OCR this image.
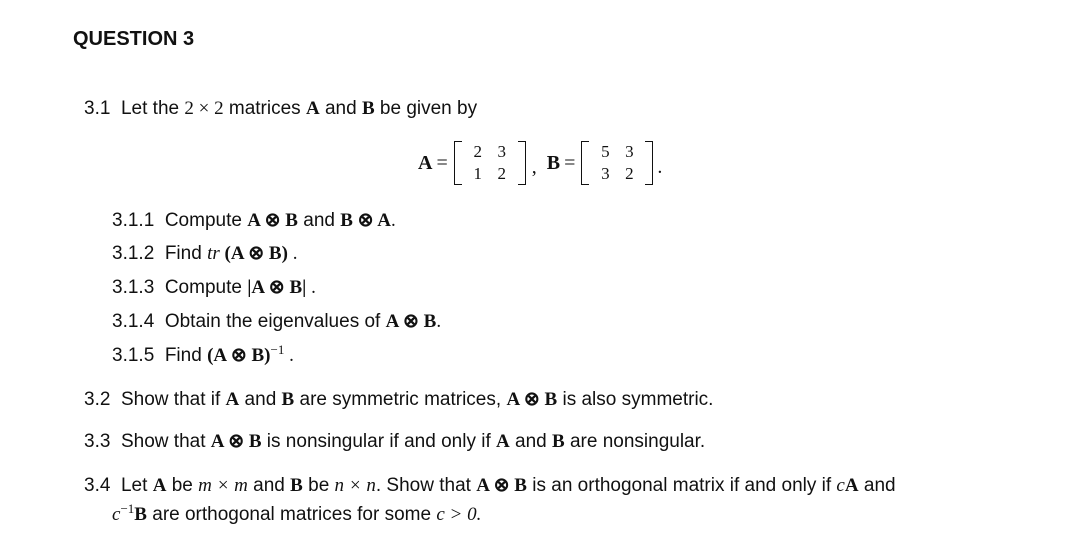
QUESTION 3
3.1 Let the 2 × 2 matrices A and B be given by
A =	2 3
1 2	, B =	5 3
3 2	.
3.1.1 Compute A ⊗ B and B ⊗ A.
3.1.2 Find tr (A ⊗ B) .
3.1.3 Compute |A ⊗ B| .
3.1.4 Obtain the eigenvalues of A ⊗ B.
3.1.5 Find (A ⊗ B)$^{-1}$ .
3.2 Show that if A and B are symmetric matrices, A ⊗ B is also symmetric.
3.3 Show that A ⊗ B is nonsingular if and only if A and B are nonsingular.
3.4 Let A be m × m and B be n × n. Show that A ⊗ B is an orthogonal matrix if and only if cA and
$c^{-1}B$ are orthogonal matrices for some c > 0.
